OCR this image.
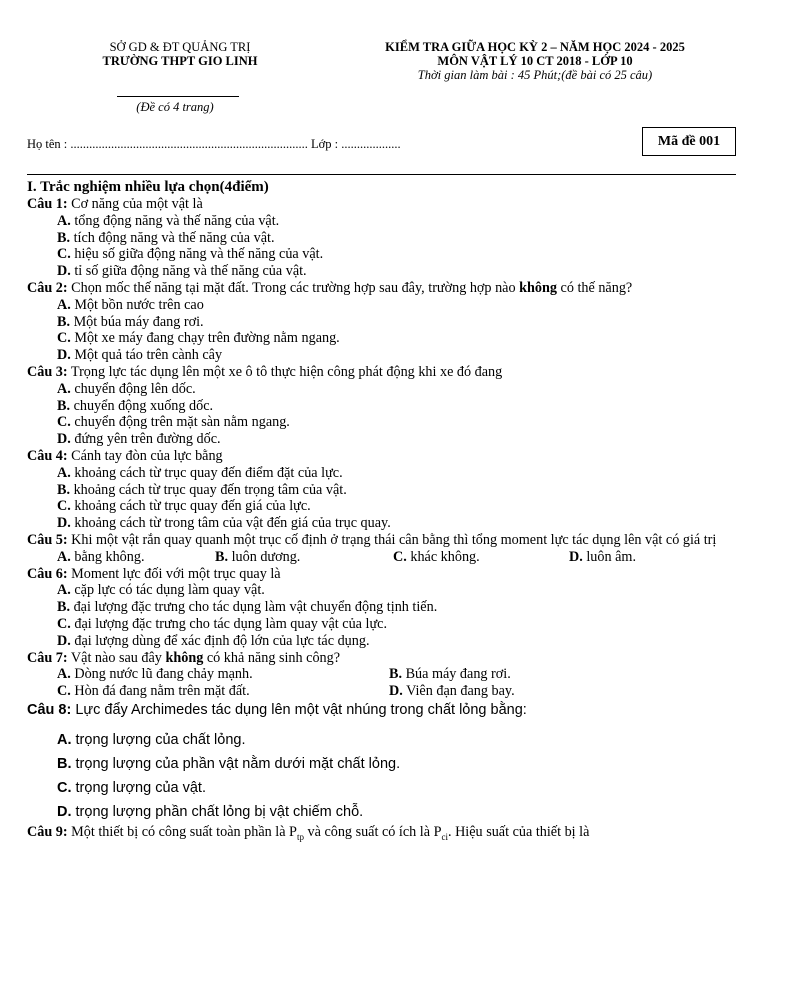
SỞ GD & ĐT QUẢNG TRỊ
TRƯỜNG THPT GIO LINH
KIỂM TRA GIỮA HỌC KỲ 2 – NĂM HỌC 2024 - 2025
MÔN VẬT LÝ 10 CT 2018 - LỚP 10
Thời gian làm bài : 45 Phút;(đề bài có 25 câu)
(Đề có 4 trang)
Họ tên : ............................................................................ Lớp : ...................	Mã đề 001
I. Trắc nghiệm nhiều lựa chọn(4điểm)
Câu 1: Cơ năng của một vật là
A. tổng động năng và thế năng của vật.
B. tích động năng và thế năng của vật.
C. hiệu số giữa động năng và thế năng của vật.
D. tỉ số giữa động năng và thế năng của vật.
Câu 2: Chọn mốc thế năng tại mặt đất. Trong các trường hợp sau đây, trường hợp nào không có thế năng?
A. Một bồn nước trên cao
B. Một búa máy đang rơi.
C. Một xe máy đang chạy trên đường nằm ngang.
D. Một quả táo trên cành cây
Câu 3: Trọng lực tác dụng lên một xe ô tô thực hiện công phát động khi xe đó đang
A. chuyển động lên dốc.
B. chuyển động xuống dốc.
C. chuyển động trên mặt sàn nằm ngang.
D. đứng yên trên đường dốc.
Câu 4: Cánh tay đòn của lực bằng
A. khoảng cách từ trục quay đến điểm đặt của lực.
B. khoảng cách từ trục quay đến trọng tâm của vật.
C. khoảng cách từ trục quay đến giá của lực.
D. khoảng cách từ trong tâm của vật đến giá của trục quay.
Câu 5: Khi một vật rắn quay quanh một trục cố định ở trạng thái cân bằng thì tổng moment lực tác dụng lên vật có giá trị
A. bằng không.	B. luôn dương.	C. khác không.	D. luôn âm.
Câu 6: Moment lực đối với một trục quay là
A. cặp lực có tác dụng làm quay vật.
B. đại lượng đặc trưng cho tác dụng làm vật chuyển động tịnh tiến.
C. đại lượng đặc trưng cho tác dụng làm quay vật của lực.
D. đại lượng dùng để xác định độ lớn của lực tác dụng.
Câu 7: Vật nào sau đây không có khả năng sinh công?
A. Dòng nước lũ đang chảy mạnh.	B. Búa máy đang rơi.
C. Hòn đá đang nằm trên mặt đất.	D. Viên đạn đang bay.
Câu 8: Lực đẩy Archimedes tác dụng lên một vật nhúng trong chất lỏng bằng:
A. trọng lượng của chất lỏng.
B. trọng lượng của phần vật nằm dưới mặt chất lỏng.
C. trọng lượng của vật.
D. trọng lượng phần chất lỏng bị vật chiếm chỗ.
Câu 9: Một thiết bị có công suất toàn phần là $P_{tp}$ và công suất có ích là $P_{ci}$. Hiệu suất của thiết bị là
